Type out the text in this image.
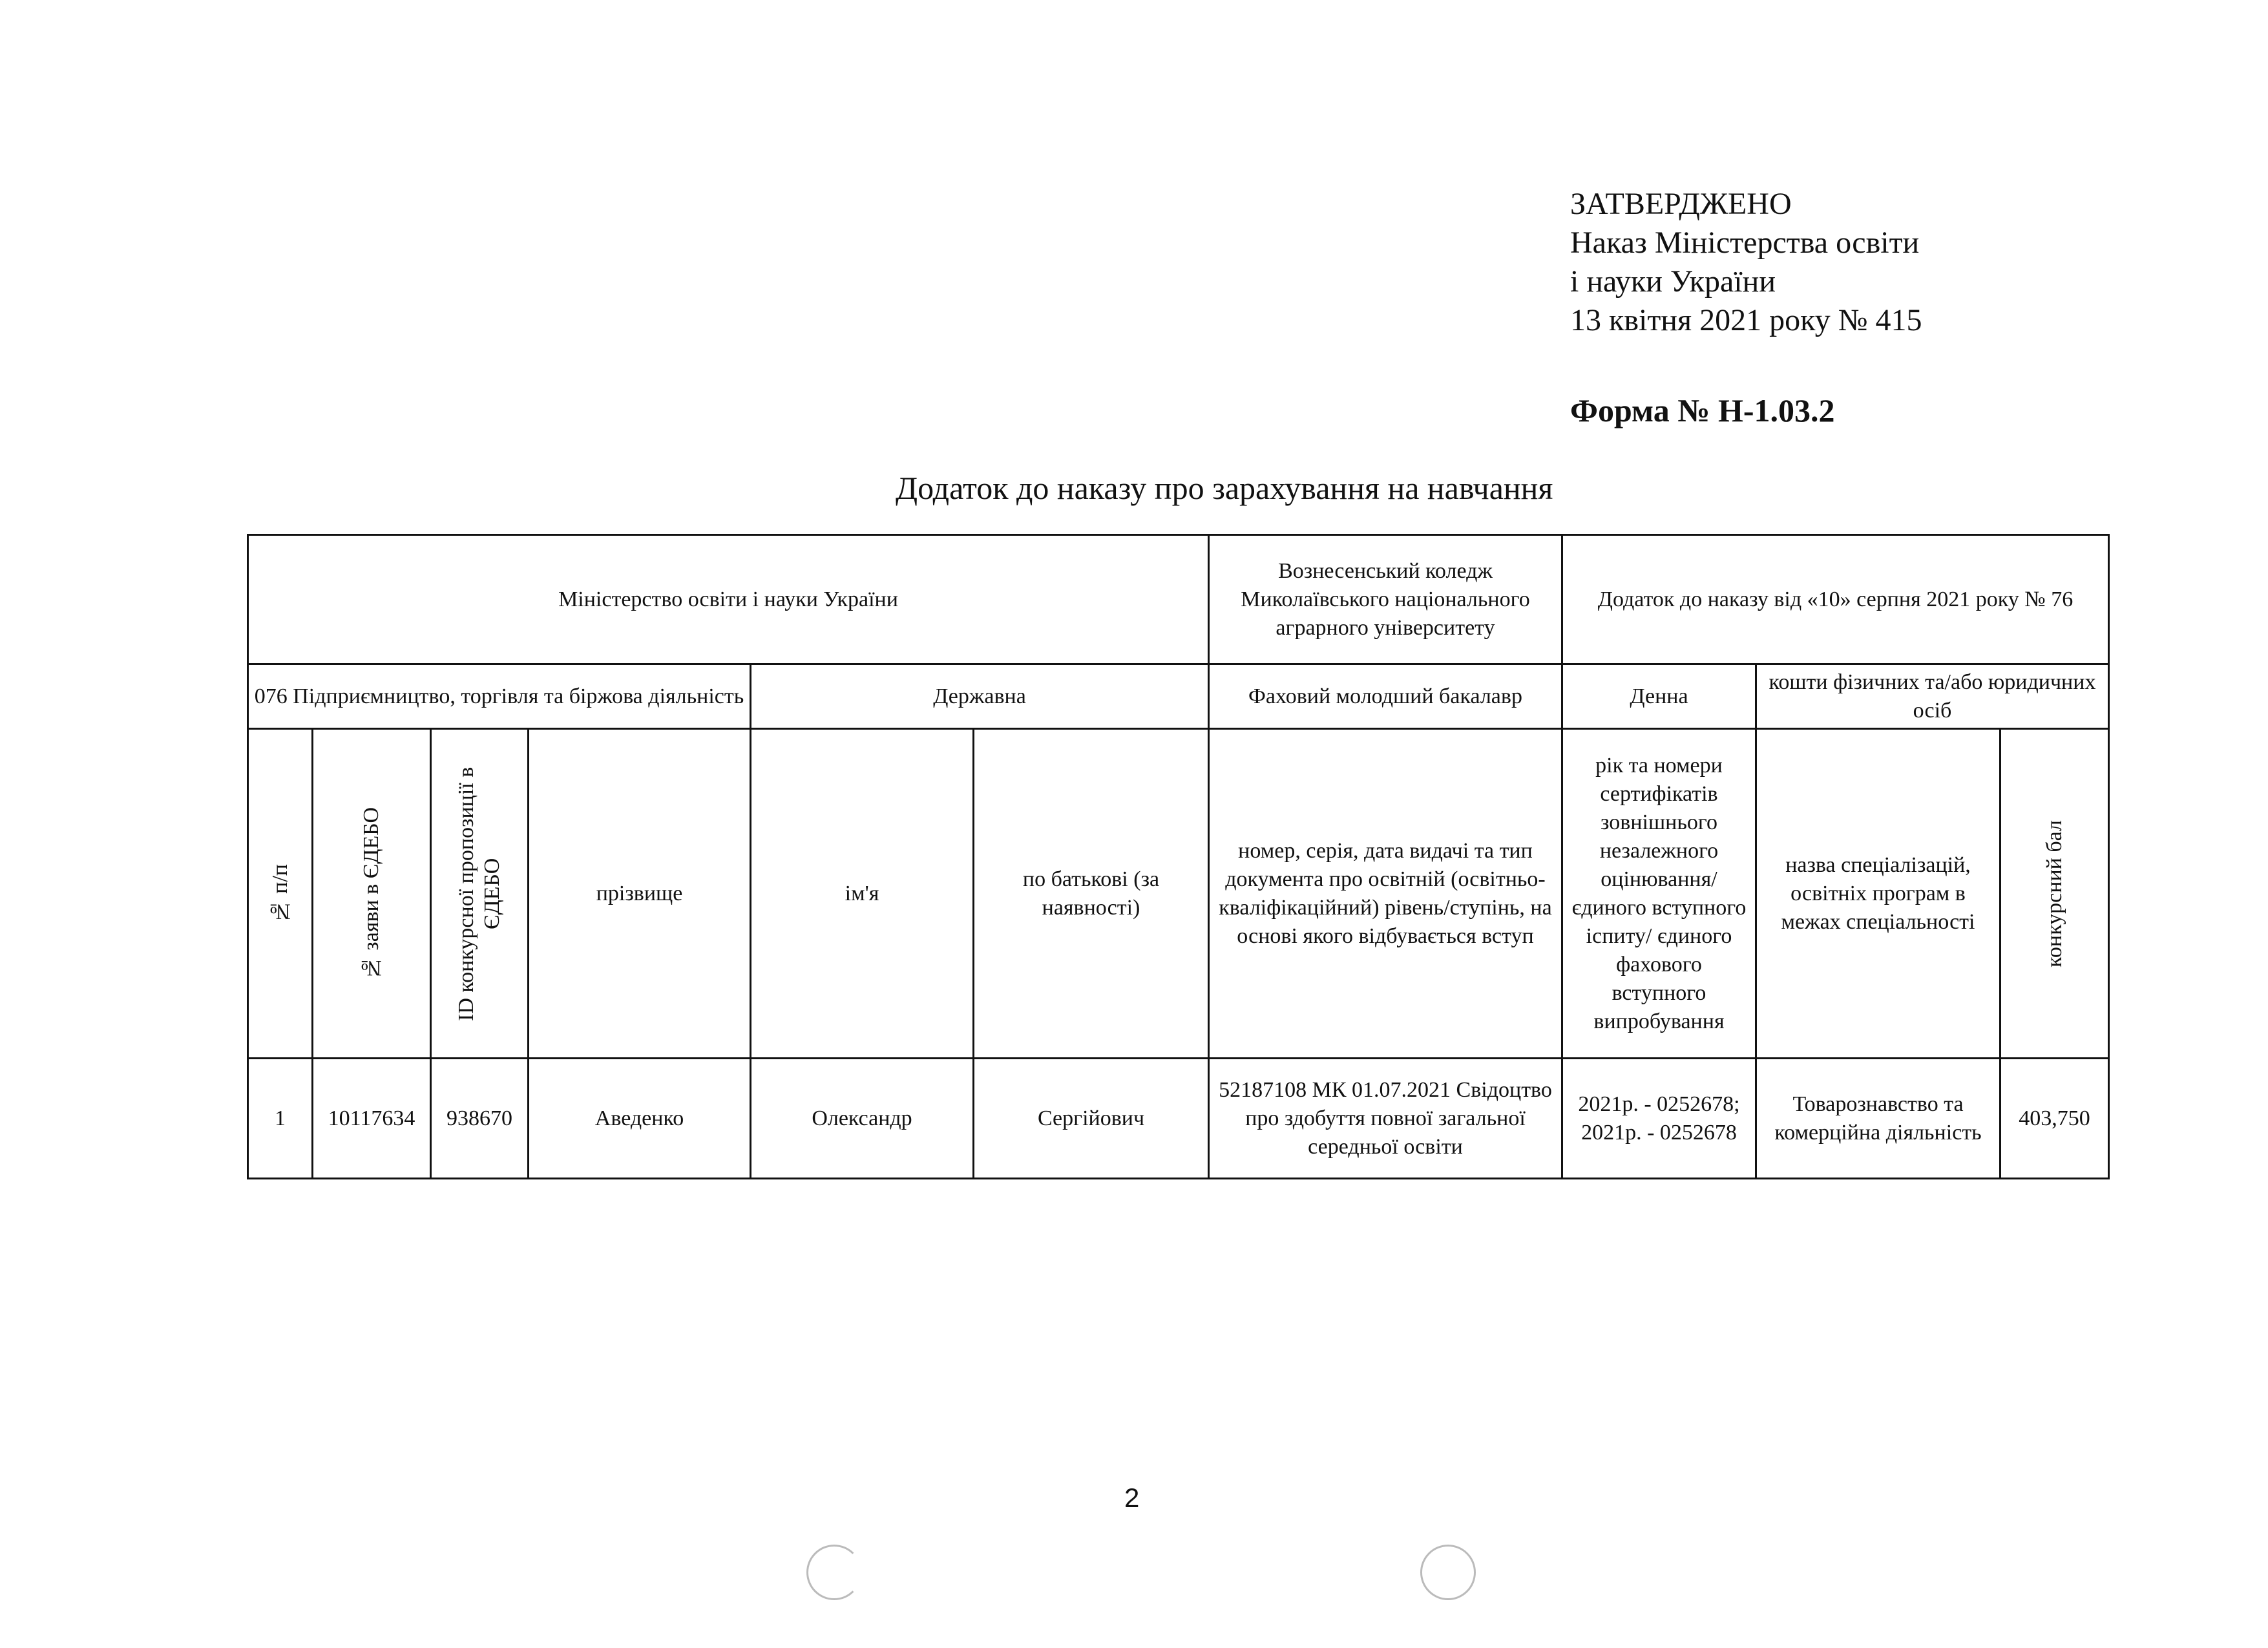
ЗАТВЕРДЖЕНО
Наказ Міністерства освіти
і науки України
13 квітня 2021 року № 415
Форма № Н-1.03.2
Додаток до наказу про зарахування на навчання
Міністерство освіти і науки України						Вознесенський коледж Миколаївського національного аграрного університету	Додаток до наказу від «10» серпня 2021 року № 76		
076 Підприємництво, торгівля та біржова діяльність				Державна		Фаховий молодший бакалавр	Денна	кошти фізичних та/або юридичних осіб	

№ п/п	№ заяви в ЄДЕБО	ID конкурсної пропозиції в ЄДЕБО	прізвище	ім'я	по батькові (за наявності)	номер, серія, дата видачі та тип документа про освітній (освітньо-кваліфікаційний) рівень/ступінь, на основі якого відбувається вступ	рік та номери сертифікатів зовнішнього незалежного оцінювання/ єдиного вступного іспиту/ єдиного фахового вступного випробування	назва спеціалізацій, освітніх програм в межах спеціальності	конкурсний бал

1	10117634	938670	Аведенко	Олександр	Сергійович	52187108 МК 01.07.2021 Свідоцтво про здобуття повної загальної середньої освіти	2021р. - 0252678; 2021р. - 0252678	Товарознавство та комерційна діяльність	403,750
2
